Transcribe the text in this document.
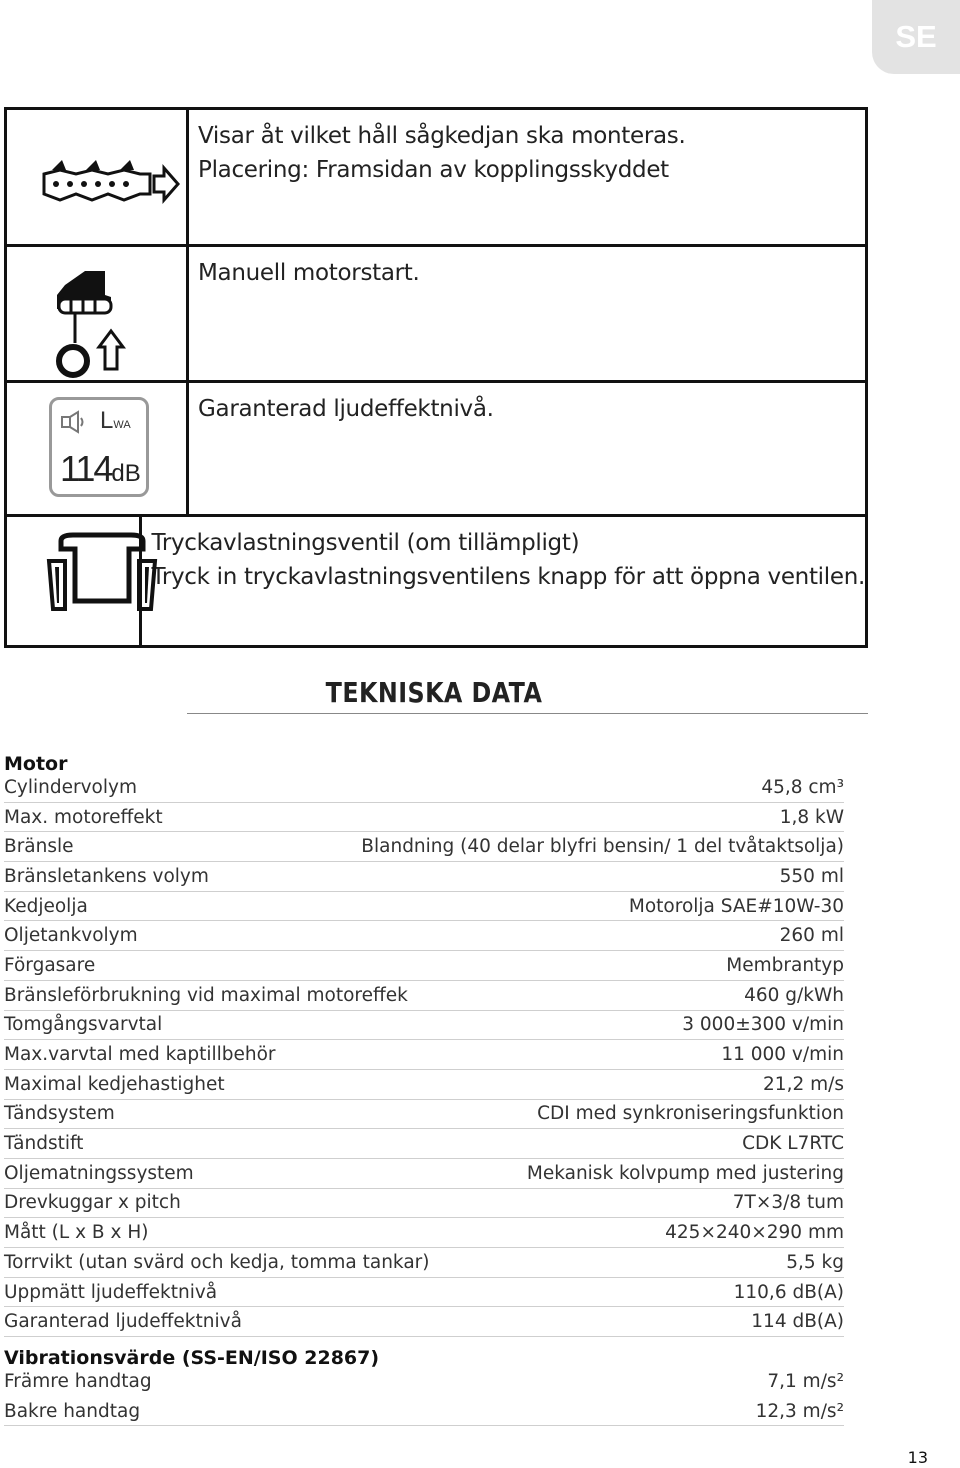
SE
Visar åt vilket håll sågkedjan ska monteras.
Placering: Framsidan av kopplingsskyddet
Manuell motorstart.
LWA
114dB
Garanterad ljudeffektnivå.
Tryckavlastningsventil (om tillämpligt)
Tryck in tryckavlastningsventilens knapp för att öppna ventilen.
TEKNISKA DATA
Motor
Cylindervolym	45,8 cm³
Max. motoreffekt	1,8 kW
Bränsle	Blandning (40 delar blyfri bensin/ 1 del tvåtaktsolja)
Bränsletankens volym	550 ml
Kedjeolja	Motorolja SAE#10W-30
Oljetankvolym	260 ml
Förgasare	Membrantyp
Bränsleförbrukning vid maximal motoreffek	460 g/kWh
Tomgångsvarvtal	3 000±300 v/min
Max.varvtal med kaptillbehör	11 000 v/min
Maximal kedjehastighet	21,2 m/s
Tändsystem	CDI med synkroniseringsfunktion
Tändstift	CDK L7RTC
Oljematningssystem	Mekanisk kolvpump med justering
Drevkuggar x pitch	7T×3/8 tum
Mått (L x B x H)	425×240×290 mm
Torrvikt (utan svärd och kedja, tomma tankar)	5,5 kg
Uppmätt ljudeffektnivå	110,6 dB(A)
Garanterad ljudeffektnivå	114 dB(A)
Vibrationsvärde (SS-EN/ISO 22867)
Främre handtag	7,1 m/s²
Bakre handtag	12,3 m/s²
13
